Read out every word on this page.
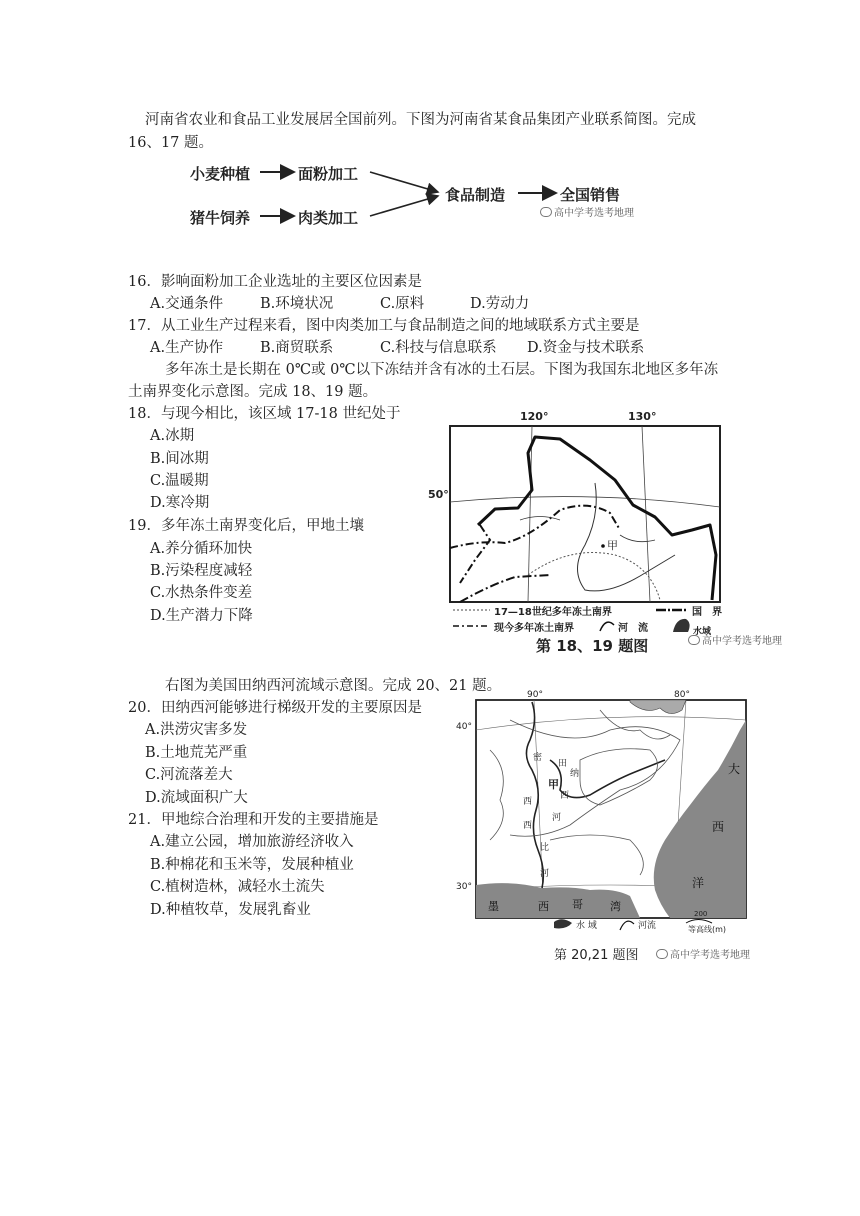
河南省农业和食品工业发展居全国前列。下图为河南省某食品集团产业联系简图。完成
16、17 题。
小麦种植	面粉加工
猪牛饲养	肉类加工
食品制造	全国销售
高中学考选考地理
16．影响面粉加工企业选址的主要区位因素是
A.交通条件	B.环境状况	C.原料	D.劳动力
17．从工业生产过程来看，图中肉类加工与食品制造之间的地域联系方式主要是
A.生产协作	B.商贸联系	C.科技与信息联系 D.资金与技术联系
多年冻土是长期在 0℃或 0℃以下冻结并含有冰的土石层。下图为我国东北地区多年冻
土南界变化示意图。完成 18、19 题。
18．与现今相比，该区域 17-18 世纪处于
A.冰期
B.间冰期
C.温暖期
D.寒冷期
19．多年冻土南界变化后，甲地土壤
A.养分循环加快
B.污染程度减轻
C.水热条件变差
D.生产潜力下降
120°	130°
50°
甲
17—18世纪多年冻土南界	国　界
现今多年冻土南界	河　流	水域
第 18、19 题图	高中学考选考地理
右图为美国田纳西河流域示意图。完成 20、21 题。
20．田纳西河能够进行梯级开发的主要原因是
A.洪涝灾害多发
B.土地荒芜严重
C.河流落差大
D.流域面积广大
21．甲地综合治理和开发的主要措施是
A.建立公园，增加旅游经济收入
B.种棉花和玉米等，发展种植业
C.植树造林，减轻水土流失
D.种植牧草，发展乳畜业
90°	80°
40°
30°
甲
大
西
洋
墨	西 哥 湾
密
西
西
比
河
田
纳
西
河
水 域	河流
200
等高线(m)
第 20,21 题图	高中学考选考地理
